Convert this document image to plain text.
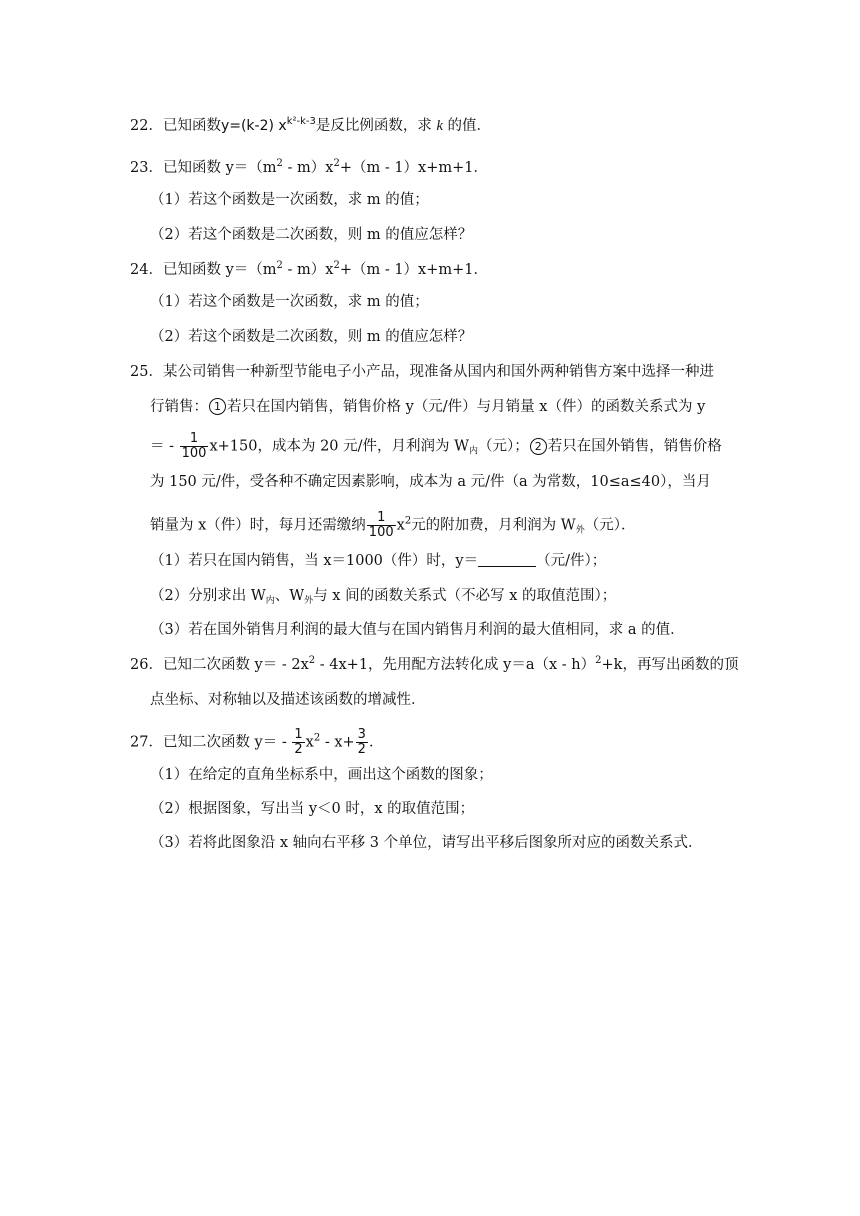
22．已知函数y=(k-2) $x^{k^2-k-3}$是反比例函数，求 k 的值．
23．已知函数 $y=(m^2 - m)x^2+(m - 1)x+m+1$．
（1）若这个函数是一次函数，求 m 的值；
（2）若这个函数是二次函数，则 m 的值应怎样？
24．已知函数 $y=(m^2 - m)x^2+(m - 1)x+m+1$．
（1）若这个函数是一次函数，求 m 的值；
（2）若这个函数是二次函数，则 m 的值应怎样？
25．某公司销售一种新型节能电子小产品，现准备从国内和国外两种销售方案中选择一种进
行销售： 1 若只在国内销售，销售价格 y（元/件）与月销量 x（件）的函数关系式为 y
＝ - $\frac{1}{100} x+150$，成本为 20 元/件，月利润为 $W_内$（元）； 2 若只在国外销售，销售价格
为 150 元/件，受各种不确定因素影响，成本为 a 元/件（a 为常数，10≤a≤40），当月
销量为 x（件）时，每月还需缴纳 $\frac{1}{100} x^2$元的附加费，月利润为 $W_外$（元）．
（1）若只在国内销售，当 x＝1000（件）时，y＝	（元/件）；
（2）分别求出 $W_内$、$W_外$与 x 间的函数关系式（不必写 x 的取值范围）；
（3）若在国外销售月利润的最大值与在国内销售月利润的最大值相同，求 a 的值．
26．已知二次函数 $y= - 2x^2 - 4x+1$，先用配方法转化成 y＝a（x - h）$^2$+k，再写出函数的顶
点坐标、对称轴以及描述该函数的增减性．
27．已知二次函数 $y= - \frac{1}{2} x^2 - x+ \frac{3}{2}$ ．
（1）在给定的直角坐标系中，画出这个函数的图象；
（2）根据图象，写出当 y＜0 时，x 的取值范围；
（3）若将此图象沿 x 轴向右平移 3 个单位，请写出平移后图象所对应的函数关系式．
